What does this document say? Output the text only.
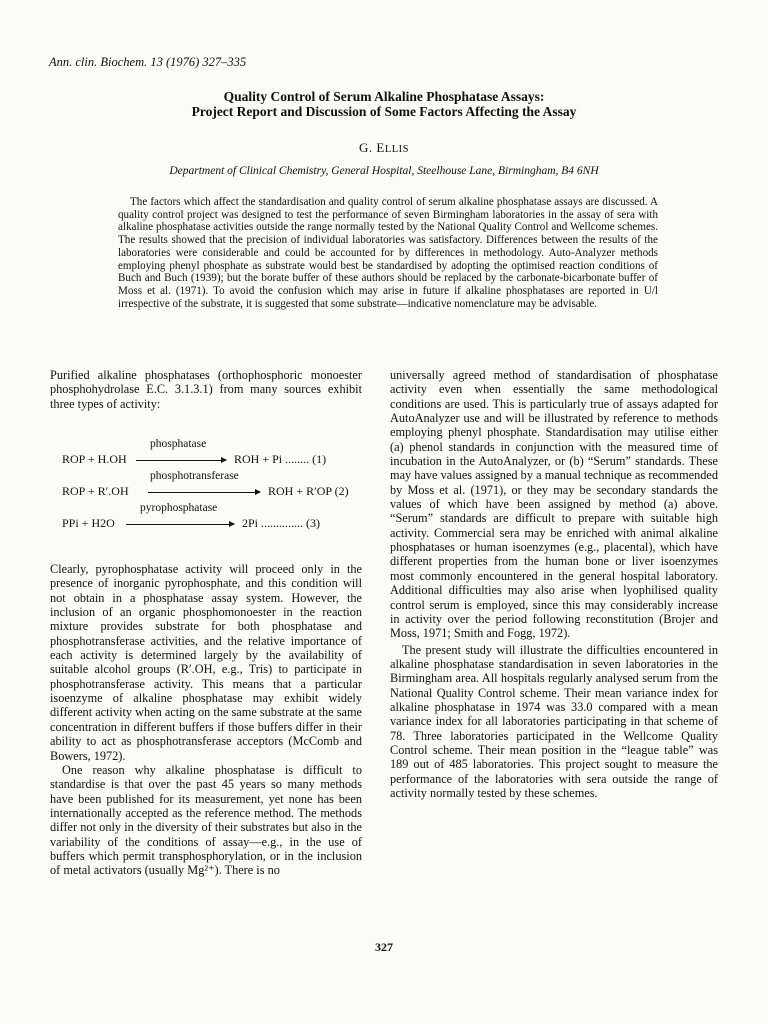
Ann. clin. Biochem. 13 (1976) 327–335
Quality Control of Serum Alkaline Phosphatase Assays:
Project Report and Discussion of Some Factors Affecting the Assay
G. ELLIS
Department of Clinical Chemistry, General Hospital, Steelhouse Lane, Birmingham, B4 6NH
The factors which affect the standardisation and quality control of serum alkaline phosphatase assays are discussed. A quality control project was designed to test the performance of seven Birmingham laboratories in the assay of sera with alkaline phosphatase activities outside the range normally tested by the National Quality Control and Wellcome schemes. The results showed that the precision of individual laboratories was satisfactory. Differences between the results of the laboratories were considerable and could be accounted for by differences in methodology. Auto-Analyzer methods employing phenyl phosphate as substrate would best be standardised by adopting the optimised reaction conditions of Buch and Buch (1939); but the borate buffer of these authors should be replaced by the carbonate-bicarbonate buffer of Moss et al. (1971). To avoid the confusion which may arise in future if alkaline phosphatases are reported in U/l irrespective of the substrate, it is suggested that some substrate—indicative nomenclature may be advisable.

Purified alkaline phosphatases (orthophosphoric monoester phosphohydrolase E.C. 3.1.3.1) from many sources exhibit three types of activity:

phosphatase
ROP + H.OH	ROH + Pi ........ (1)
phosphotransferase
ROP + R′.OH	ROH + R′OP (2)
pyrophosphatase
PPi + H2O	2Pi .............. (3)

Clearly, pyrophosphatase activity will proceed only in the presence of inorganic pyrophosphate, and this condition will not obtain in a phosphatase assay system. However, the inclusion of an organic phosphomonoester in the reaction mixture provides substrate for both phosphatase and phosphotransferase activities, and the relative importance of each activity is determined largely by the availability of suitable alcohol groups (R′.OH, e.g., Tris) to participate in phosphotransferase activity. This means that a particular isoenzyme of alkaline phosphatase may exhibit widely different activity when acting on the same substrate at the same concentration in different buffers if those buffers differ in their ability to act as phosphotransferase acceptors (McComb and Bowers, 1972).

One reason why alkaline phosphatase is difficult to standardise is that over the past 45 years so many methods have been published for its measurement, yet none has been internationally accepted as the reference method. The methods differ not only in the diversity of their substrates but also in the variability of the conditions of assay—e.g., in the use of buffers which permit transphosphorylation, or in the inclusion of metal activators (usually Mg²⁺). There is no

universally agreed method of standardisation of phosphatase activity even when essentially the same methodological conditions are used. This is particularly true of assays adapted for AutoAnalyzer use and will be illustrated by reference to methods employing phenyl phosphate. Standardisation may utilise either (a) phenol standards in conjunction with the measured time of incubation in the AutoAnalyzer, or (b) “Serum” standards. These may have values assigned by a manual technique as recommended by Moss et al. (1971), or they may be secondary standards the values of which have been assigned by method (a) above. “Serum” standards are difficult to prepare with suitable high activity. Commercial sera may be enriched with animal alkaline phosphatases or human isoenzymes (e.g., placental), which have different properties from the human bone or liver isoenzymes most commonly encountered in the general hospital laboratory. Additional difficulties may also arise when lyophilised quality control serum is employed, since this may considerably increase in activity over the period following reconstitution (Brojer and Moss, 1971; Smith and Fogg, 1972).

The present study will illustrate the difficulties encountered in alkaline phosphatase standardisation in seven laboratories in the Birmingham area. All hospitals regularly analysed serum from the National Quality Control scheme. Their mean variance index for alkaline phosphatase in 1974 was 33.0 compared with a mean variance index for all laboratories participating in that scheme of 78. Three laboratories participated in the Wellcome Quality Control scheme. Their mean position in the “league table” was 189 out of 485 laboratories. This project sought to measure the performance of the laboratories with sera outside the range of activity normally tested by these schemes.

327
